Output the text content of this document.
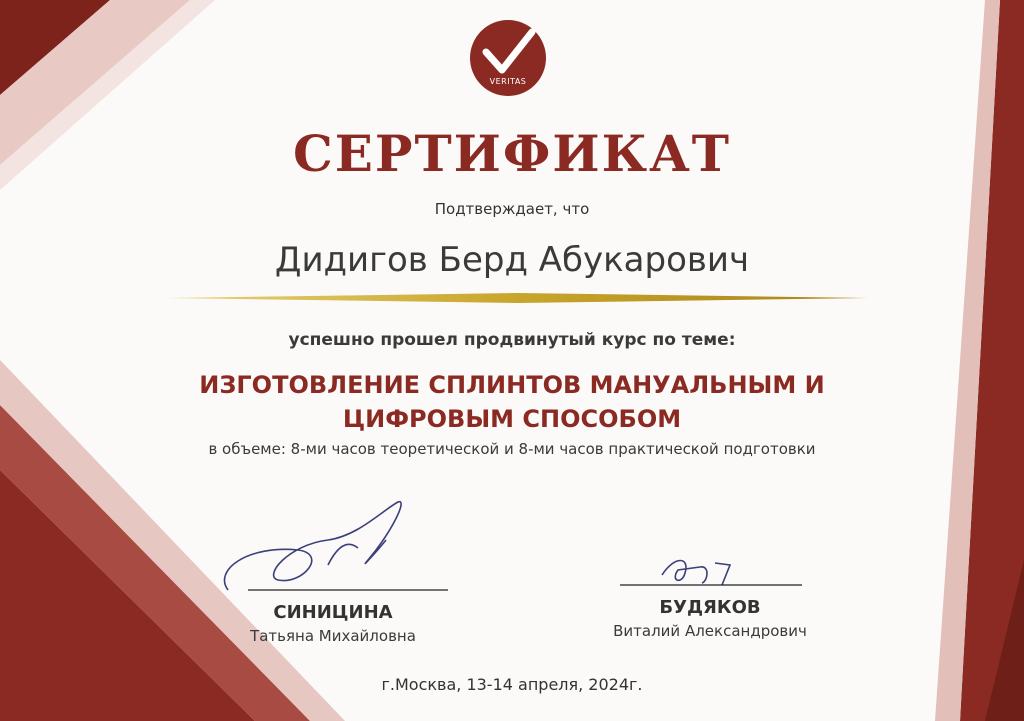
VERITAS
СЕРТИФИКАТ
Подтверждает, что
Дидигов Берд Абукарович
успешно прошел продвинутый курс по теме:
ИЗГОТОВЛЕНИЕ СПЛИНТОВ МАНУАЛЬНЫМ И
ЦИФРОВЫМ СПОСОБОМ
в объеме: 8-ми часов теоретической и 8-ми часов практической подготовки
СИНИЦИНА
Татьяна Михайловна
БУДЯКОВ
Виталий Александрович
г.Москва, 13-14 апреля, 2024г.
